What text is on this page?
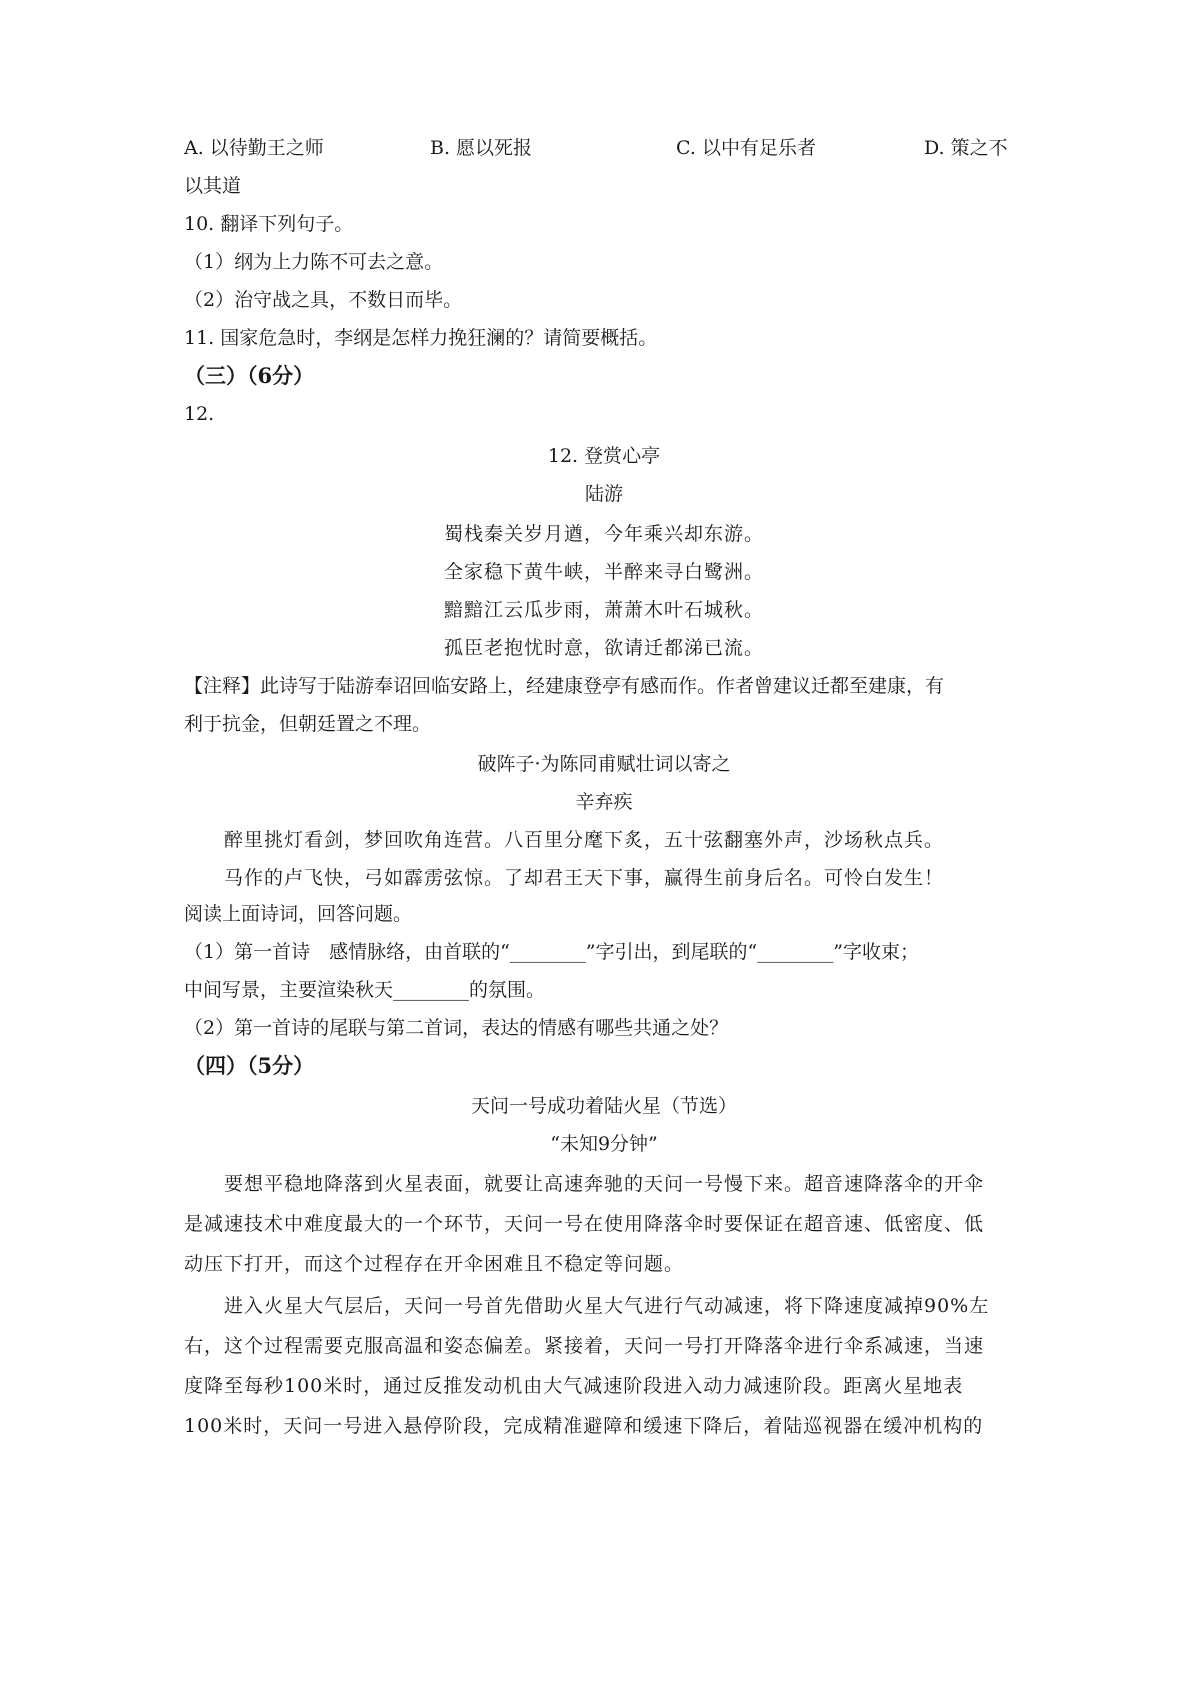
A. 以待勤王之师	B. 愿以死报	C. 以中有足乐者	D. 策之不
以其道
10. 翻译下列句子。
（1）纲为上力陈不可去之意。
（2）治守战之具，不数日而毕。
11. 国家危急时，李纲是怎样力挽狂澜的？请简要概括。
（三）（6分）
12.
12. 登赏心亭
陆游
蜀栈秦关岁月遒，今年乘兴却东游。
全家稳下黄牛峡，半醉来寻白鹭洲。
黯黯江云瓜步雨，萧萧木叶石城秋。
孤臣老抱忧时意，欲请迁都涕已流。
【注释】此诗写于陆游奉诏回临安路上，经建康登亭有感而作。作者曾建议迁都至建康，有
利于抗金，但朝廷置之不理。
破阵子·为陈同甫赋壮词以寄之
辛弃疾
醉里挑灯看剑，梦回吹角连营。八百里分麾下炙，五十弦翻塞外声，沙场秋点兵。
马作的卢飞快，弓如霹雳弦惊。了却君王天下事，赢得生前身后名。可怜白发生！
阅读上面诗词，回答问题。
（1）第一首诗　感情脉络，由首联的“________”字引出，到尾联的“________”字收束；
中间写景，主要渲染秋天________的氛围。
（2）第一首诗的尾联与第二首词，表达的情感有哪些共通之处？
（四）（5分）
天问一号成功着陆火星（节选）
“未知9分钟”
要想平稳地降落到火星表面，就要让高速奔驰的天问一号慢下来。超音速降落伞的开伞
是减速技术中难度最大的一个环节，天问一号在使用降落伞时要保证在超音速、低密度、低
动压下打开，而这个过程存在开伞困难且不稳定等问题。
进入火星大气层后，天问一号首先借助火星大气进行气动减速，将下降速度减掉90%左
右，这个过程需要克服高温和姿态偏差。紧接着，天问一号打开降落伞进行伞系减速，当速
度降至每秒100米时，通过反推发动机由大气减速阶段进入动力减速阶段。距离火星地表
100米时，天问一号进入悬停阶段，完成精准避障和缓速下降后，着陆巡视器在缓冲机构的
